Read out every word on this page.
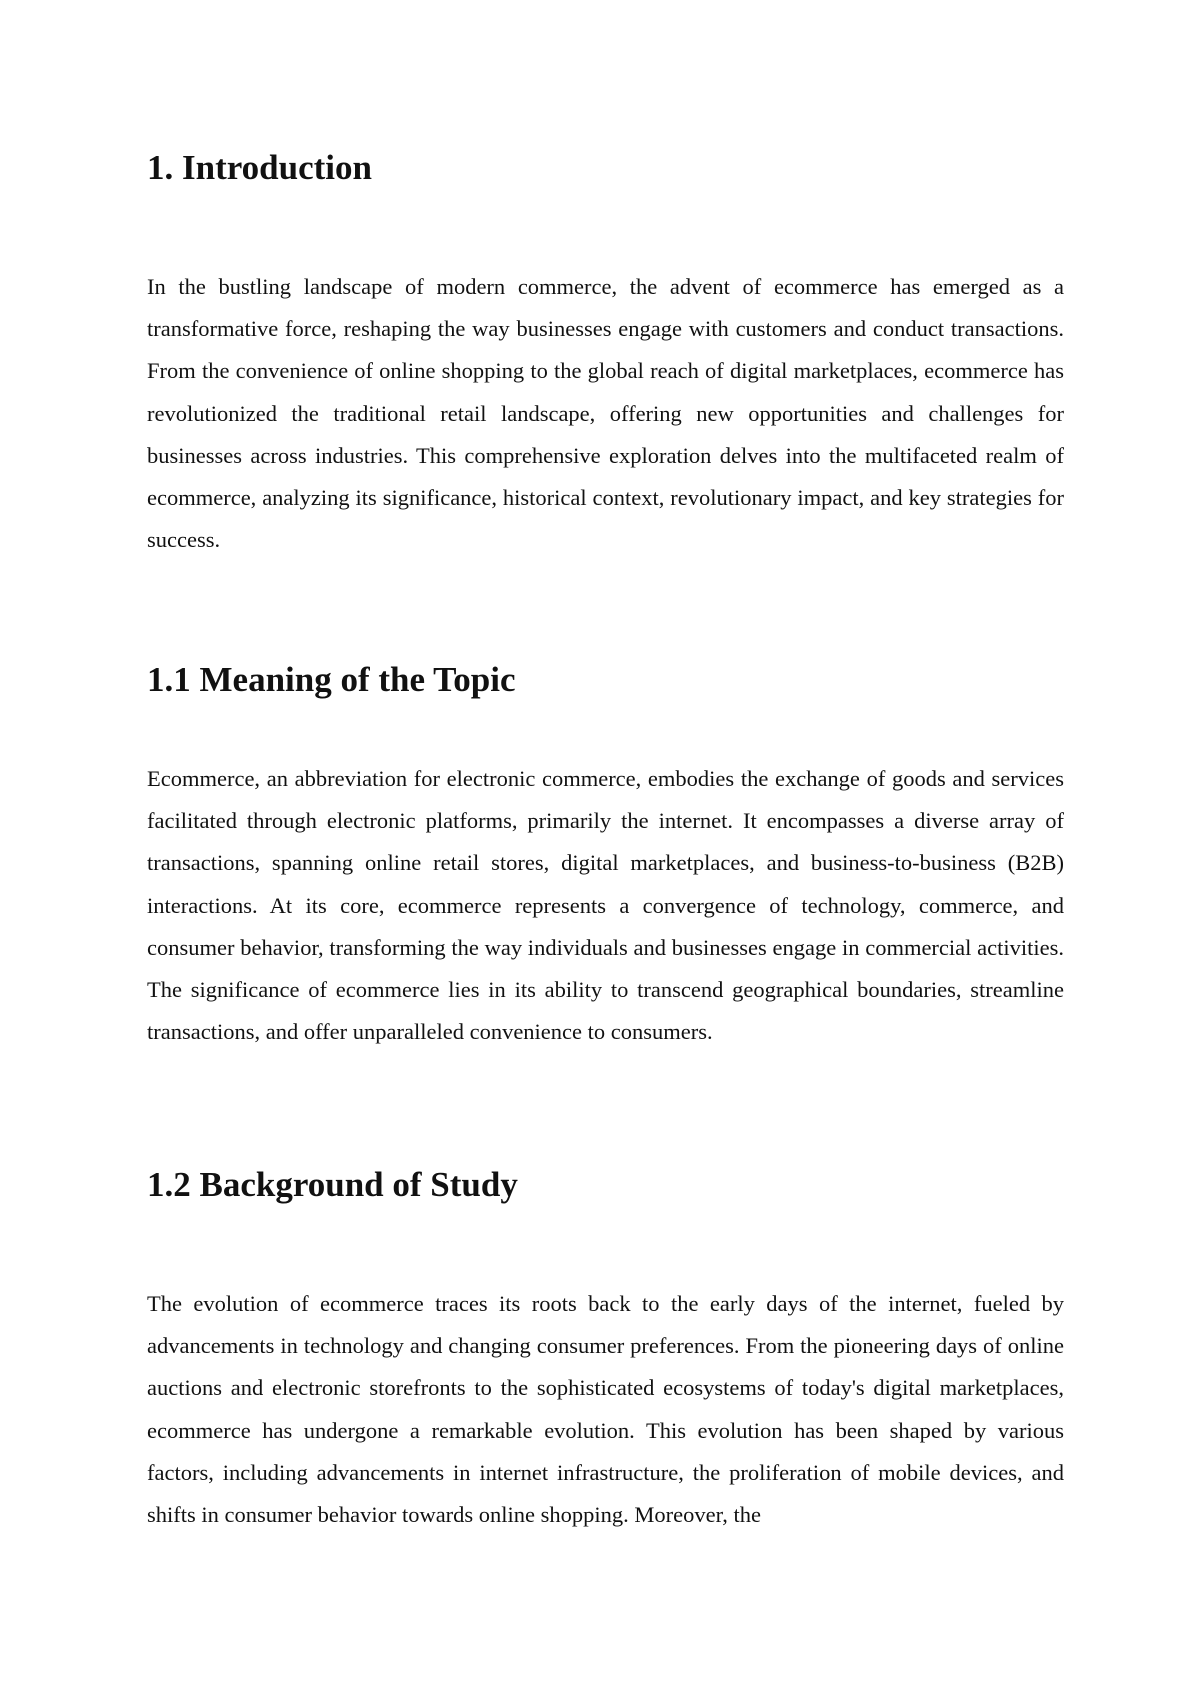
1. Introduction

In the bustling landscape of modern commerce, the advent of ecommerce has emerged as a transformative force, reshaping the way businesses engage with customers and conduct transactions. From the convenience of online shopping to the global reach of digital marketplaces, ecommerce has revolutionized the traditional retail landscape, offering new opportunities and challenges for businesses across industries. This comprehensive exploration delves into the multifaceted realm of ecommerce, analyzing its significance, historical context, revolutionary impact, and key strategies for success.

1.1 Meaning of the Topic

Ecommerce, an abbreviation for electronic commerce, embodies the exchange of goods and services facilitated through electronic platforms, primarily the internet. It encompasses a diverse array of transactions, spanning online retail stores, digital marketplaces, and business-to-business (B2B) interactions. At its core, ecommerce represents a convergence of technology, commerce, and consumer behavior, transforming the way individuals and businesses engage in commercial activities. The significance of ecommerce lies in its ability to transcend geographical boundaries, streamline transactions, and offer unparalleled convenience to consumers.

1.2 Background of Study

The evolution of ecommerce traces its roots back to the early days of the internet, fueled by advancements in technology and changing consumer preferences. From the pioneering days of online auctions and electronic storefronts to the sophisticated ecosystems of today's digital marketplaces, ecommerce has undergone a remarkable evolution. This evolution has been shaped by various factors, including advancements in internet infrastructure, the proliferation of mobile devices, and shifts in consumer behavior towards online shopping. Moreover, the
